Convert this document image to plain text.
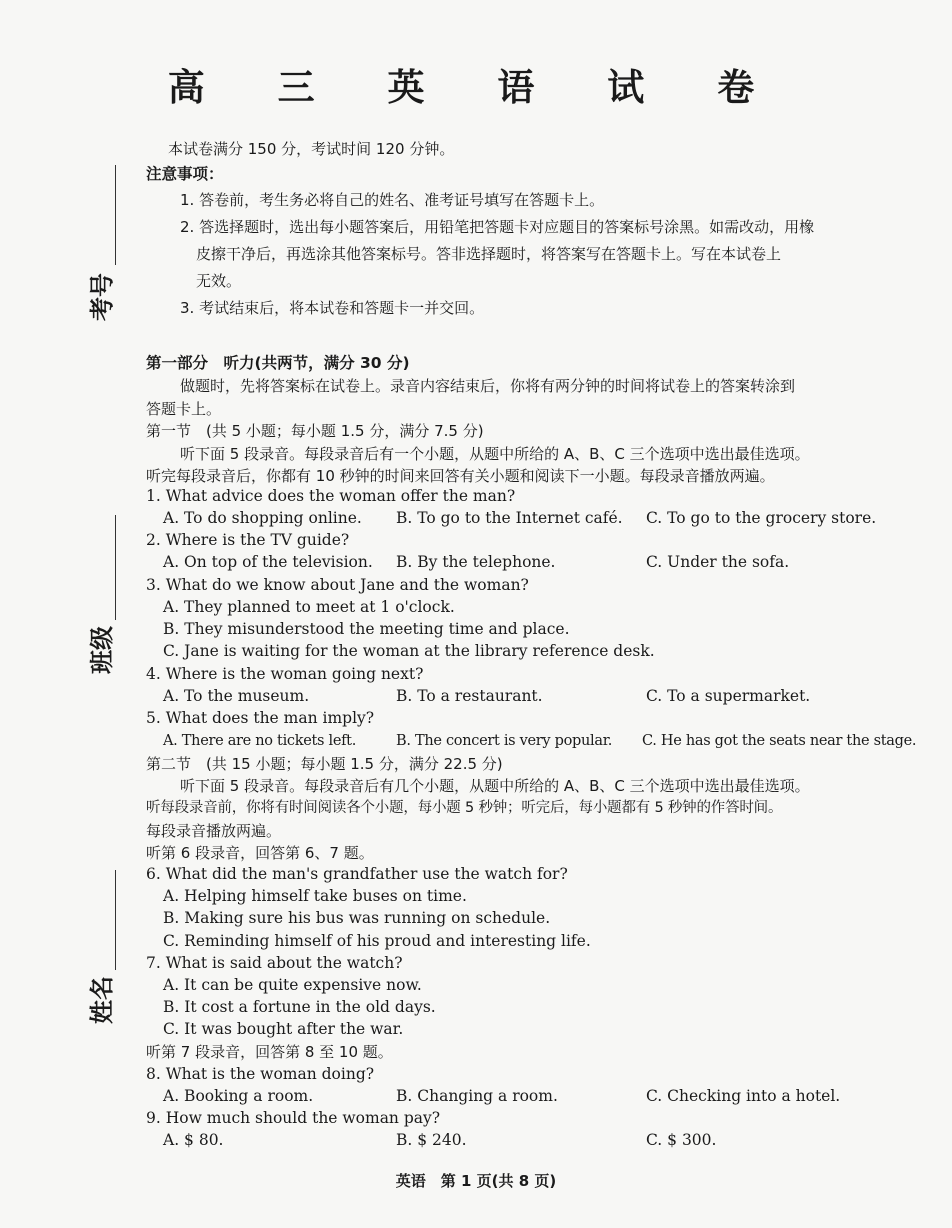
高 三 英 语 试 卷
本试卷满分 150 分，考试时间 120 分钟。
注意事项：
1. 答卷前，考生务必将自己的姓名、准考证号填写在答题卡上。
2. 答选择题时，选出每小题答案后，用铅笔把答题卡对应题目的答案标号涂黑。如需改动，用橡
皮擦干净后，再选涂其他答案标号。答非选择题时，将答案写在答题卡上。写在本试卷上
无效。
3. 考试结束后，将本试卷和答题卡一并交回。
考号
班级
姓名
第一部分　听力(共两节，满分 30 分)
做题时，先将答案标在试卷上。录音内容结束后，你将有两分钟的时间将试卷上的答案转涂到
答题卡上。
第一节　(共 5 小题；每小题 1.5 分，满分 7.5 分)
听下面 5 段录音。每段录音后有一个小题，从题中所给的 A、B、C 三个选项中选出最佳选项。
听完每段录音后，你都有 10 秒钟的时间来回答有关小题和阅读下一小题。每段录音播放两遍。
1. What advice does the woman offer the man?
A. To do shopping online. B. To go to the Internet café. C. To go to the grocery store.
2. Where is the TV guide?
A. On top of the television. B. By the telephone.	C. Under the sofa.
3. What do we know about Jane and the woman?
A. They planned to meet at 1 o'clock.
B. They misunderstood the meeting time and place.
C. Jane is waiting for the woman at the library reference desk.
4. Where is the woman going next?
A. To the museum.	B. To a restaurant.	C. To a supermarket.
5. What does the man imply?
A. There are no tickets left.	B. The concert is very popular. C. He has got the seats near the stage.
第二节　(共 15 小题；每小题 1.5 分，满分 22.5 分)
听下面 5 段录音。每段录音后有几个小题，从题中所给的 A、B、C 三个选项中选出最佳选项。
听每段录音前，你将有时间阅读各个小题，每小题 5 秒钟；听完后，每小题都有 5 秒钟的作答时间。
每段录音播放两遍。
听第 6 段录音，回答第 6、7 题。
6. What did the man's grandfather use the watch for?
A. Helping himself take buses on time.
B. Making sure his bus was running on schedule.
C. Reminding himself of his proud and interesting life.
7. What is said about the watch?
A. It can be quite expensive now.
B. It cost a fortune in the old days.
C. It was bought after the war.
听第 7 段录音，回答第 8 至 10 题。
8. What is the woman doing?
A. Booking a room.	B. Changing a room.	C. Checking into a hotel.
9. How much should the woman pay?
A. $ 80.	B. $ 240.	C. $ 300.
英语　第 1 页(共 8 页)
